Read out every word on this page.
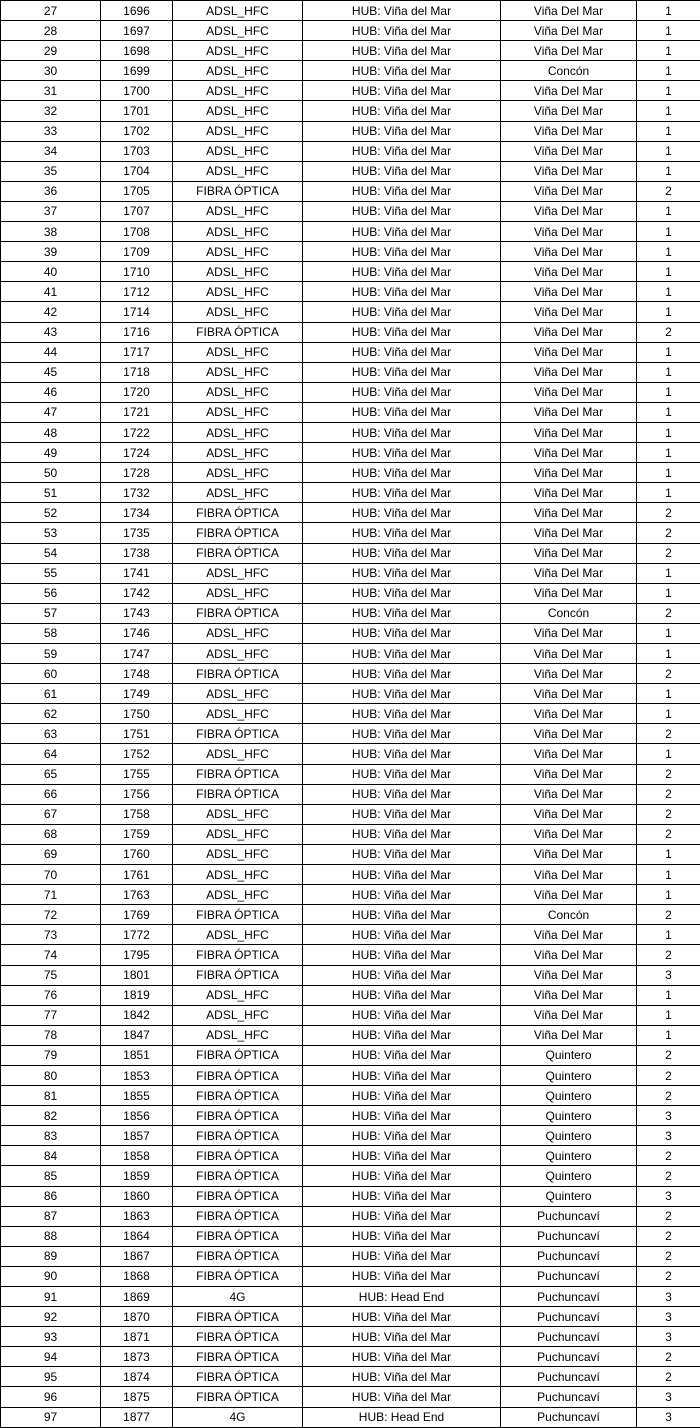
27	1696	ADSL_HFC	HUB: Viña del Mar	Viña Del Mar	1
28	1697	ADSL_HFC	HUB: Viña del Mar	Viña Del Mar	1
29	1698	ADSL_HFC	HUB: Viña del Mar	Viña Del Mar	1
30	1699	ADSL_HFC	HUB: Viña del Mar	Concón	1
31	1700	ADSL_HFC	HUB: Viña del Mar	Viña Del Mar	1
32	1701	ADSL_HFC	HUB: Viña del Mar	Viña Del Mar	1
33	1702	ADSL_HFC	HUB: Viña del Mar	Viña Del Mar	1
34	1703	ADSL_HFC	HUB: Viña del Mar	Viña Del Mar	1
35	1704	ADSL_HFC	HUB: Viña del Mar	Viña Del Mar	1
36	1705	FIBRA ÓPTICA	HUB: Viña del Mar	Viña Del Mar	2
37	1707	ADSL_HFC	HUB: Viña del Mar	Viña Del Mar	1
38	1708	ADSL_HFC	HUB: Viña del Mar	Viña Del Mar	1
39	1709	ADSL_HFC	HUB: Viña del Mar	Viña Del Mar	1
40	1710	ADSL_HFC	HUB: Viña del Mar	Viña Del Mar	1
41	1712	ADSL_HFC	HUB: Viña del Mar	Viña Del Mar	1
42	1714	ADSL_HFC	HUB: Viña del Mar	Viña Del Mar	1
43	1716	FIBRA ÓPTICA	HUB: Viña del Mar	Viña Del Mar	2
44	1717	ADSL_HFC	HUB: Viña del Mar	Viña Del Mar	1
45	1718	ADSL_HFC	HUB: Viña del Mar	Viña Del Mar	1
46	1720	ADSL_HFC	HUB: Viña del Mar	Viña Del Mar	1
47	1721	ADSL_HFC	HUB: Viña del Mar	Viña Del Mar	1
48	1722	ADSL_HFC	HUB: Viña del Mar	Viña Del Mar	1
49	1724	ADSL_HFC	HUB: Viña del Mar	Viña Del Mar	1
50	1728	ADSL_HFC	HUB: Viña del Mar	Viña Del Mar	1
51	1732	ADSL_HFC	HUB: Viña del Mar	Viña Del Mar	1
52	1734	FIBRA ÓPTICA	HUB: Viña del Mar	Viña Del Mar	2
53	1735	FIBRA ÓPTICA	HUB: Viña del Mar	Viña Del Mar	2
54	1738	FIBRA ÓPTICA	HUB: Viña del Mar	Viña Del Mar	2
55	1741	ADSL_HFC	HUB: Viña del Mar	Viña Del Mar	1
56	1742	ADSL_HFC	HUB: Viña del Mar	Viña Del Mar	1
57	1743	FIBRA ÓPTICA	HUB: Viña del Mar	Concón	2
58	1746	ADSL_HFC	HUB: Viña del Mar	Viña Del Mar	1
59	1747	ADSL_HFC	HUB: Viña del Mar	Viña Del Mar	1
60	1748	FIBRA ÓPTICA	HUB: Viña del Mar	Viña Del Mar	2
61	1749	ADSL_HFC	HUB: Viña del Mar	Viña Del Mar	1
62	1750	ADSL_HFC	HUB: Viña del Mar	Viña Del Mar	1
63	1751	FIBRA ÓPTICA	HUB: Viña del Mar	Viña Del Mar	2
64	1752	ADSL_HFC	HUB: Viña del Mar	Viña Del Mar	1
65	1755	FIBRA ÓPTICA	HUB: Viña del Mar	Viña Del Mar	2
66	1756	FIBRA ÓPTICA	HUB: Viña del Mar	Viña Del Mar	2
67	1758	ADSL_HFC	HUB: Viña del Mar	Viña Del Mar	2
68	1759	ADSL_HFC	HUB: Viña del Mar	Viña Del Mar	2
69	1760	ADSL_HFC	HUB: Viña del Mar	Viña Del Mar	1
70	1761	ADSL_HFC	HUB: Viña del Mar	Viña Del Mar	1
71	1763	ADSL_HFC	HUB: Viña del Mar	Viña Del Mar	1
72	1769	FIBRA ÓPTICA	HUB: Viña del Mar	Concón	2
73	1772	ADSL_HFC	HUB: Viña del Mar	Viña Del Mar	1
74	1795	FIBRA ÓPTICA	HUB: Viña del Mar	Viña Del Mar	2
75	1801	FIBRA ÓPTICA	HUB: Viña del Mar	Viña Del Mar	3
76	1819	ADSL_HFC	HUB: Viña del Mar	Viña Del Mar	1
77	1842	ADSL_HFC	HUB: Viña del Mar	Viña Del Mar	1
78	1847	ADSL_HFC	HUB: Viña del Mar	Viña Del Mar	1
79	1851	FIBRA ÓPTICA	HUB: Viña del Mar	Quintero	2
80	1853	FIBRA ÓPTICA	HUB: Viña del Mar	Quintero	2
81	1855	FIBRA ÓPTICA	HUB: Viña del Mar	Quintero	2
82	1856	FIBRA ÓPTICA	HUB: Viña del Mar	Quintero	3
83	1857	FIBRA ÓPTICA	HUB: Viña del Mar	Quintero	3
84	1858	FIBRA ÓPTICA	HUB: Viña del Mar	Quintero	2
85	1859	FIBRA ÓPTICA	HUB: Viña del Mar	Quintero	2
86	1860	FIBRA ÓPTICA	HUB: Viña del Mar	Quintero	3
87	1863	FIBRA ÓPTICA	HUB: Viña del Mar	Puchuncaví	2
88	1864	FIBRA ÓPTICA	HUB: Viña del Mar	Puchuncaví	2
89	1867	FIBRA ÓPTICA	HUB: Viña del Mar	Puchuncaví	2
90	1868	FIBRA ÓPTICA	HUB: Viña del Mar	Puchuncaví	2
91	1869	4G	HUB: Head End	Puchuncaví	3
92	1870	FIBRA ÓPTICA	HUB: Viña del Mar	Puchuncaví	3
93	1871	FIBRA ÓPTICA	HUB: Viña del Mar	Puchuncaví	3
94	1873	FIBRA ÓPTICA	HUB: Viña del Mar	Puchuncaví	2
95	1874	FIBRA ÓPTICA	HUB: Viña del Mar	Puchuncaví	2
96	1875	FIBRA ÓPTICA	HUB: Viña del Mar	Puchuncaví	3
97	1877	4G	HUB: Head End	Puchuncaví	3
